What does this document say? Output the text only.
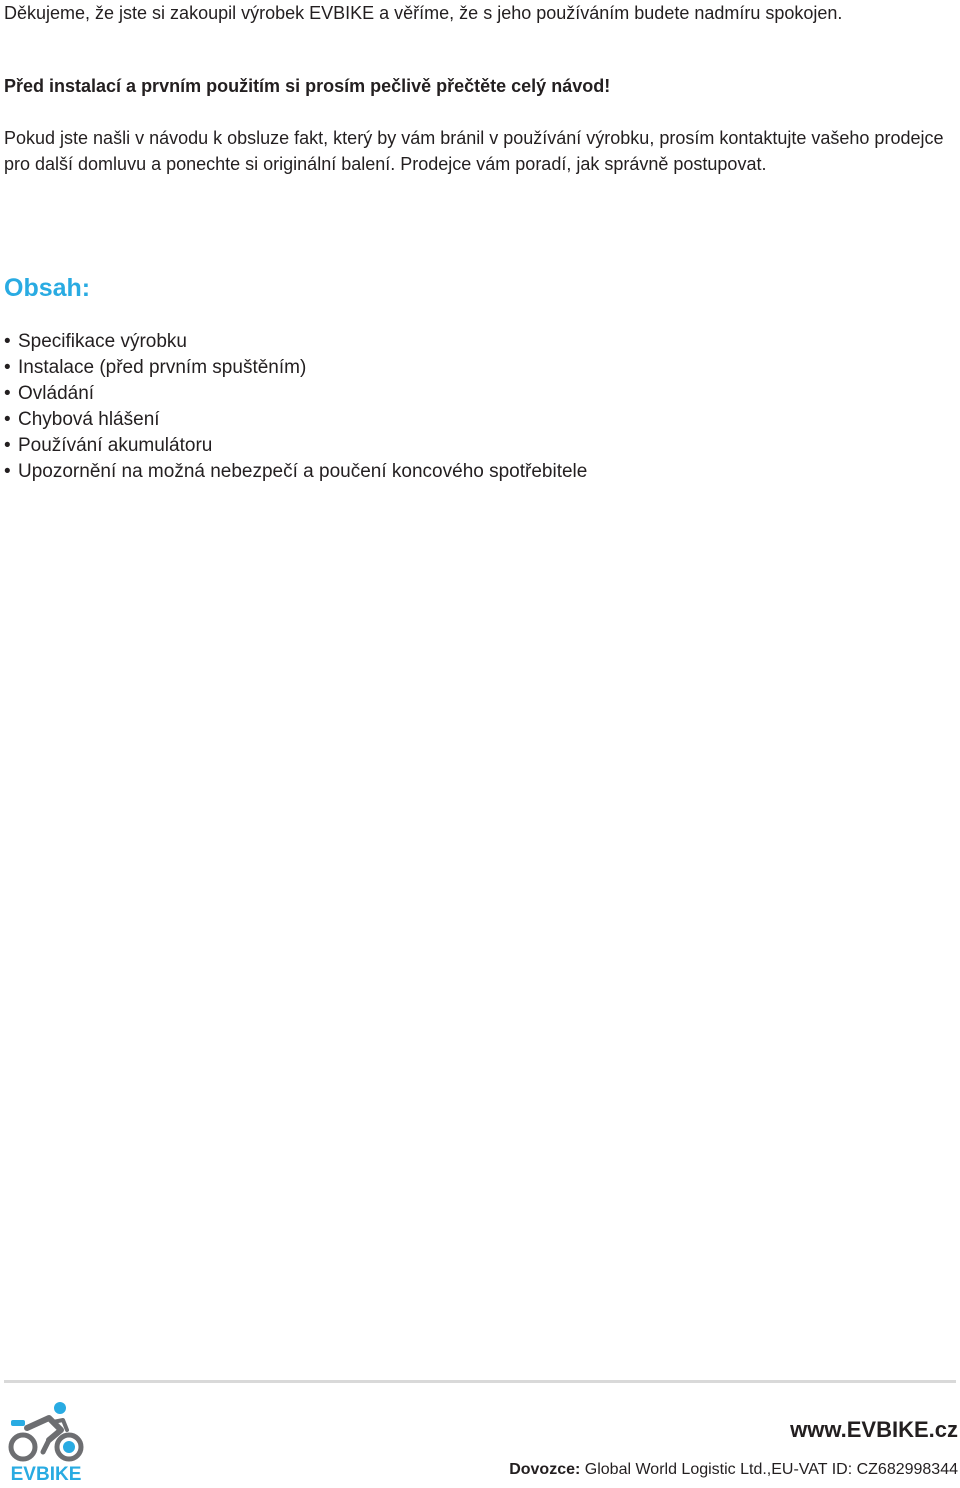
Děkujeme, že jste si zakoupil výrobek EVBIKE a věříme, že s jeho používáním budete nadmíru spokojen.

Před instalací a prvním použitím si prosím pečlivě přečtěte celý návod!

Pokud jste našli v návodu k obsluze fakt, který by vám bránil v používání výrobku, prosím kontaktujte vašeho prodejce pro další domluvu a ponechte si originální balení. Prodejce vám poradí, jak správně postupovat.

Obsah:
• Specifikace výrobku
• Instalace (před prvním spuštěním)
• Ovládání
• Chybová hlášení
• Používání akumulátoru
• Upozornění na možná nebezpečí a poučení koncového spotřebitele
EVBIKE

www.EVBIKE.cz

Dovozce: Global World Logistic Ltd.,EU-VAT ID: CZ682998344
